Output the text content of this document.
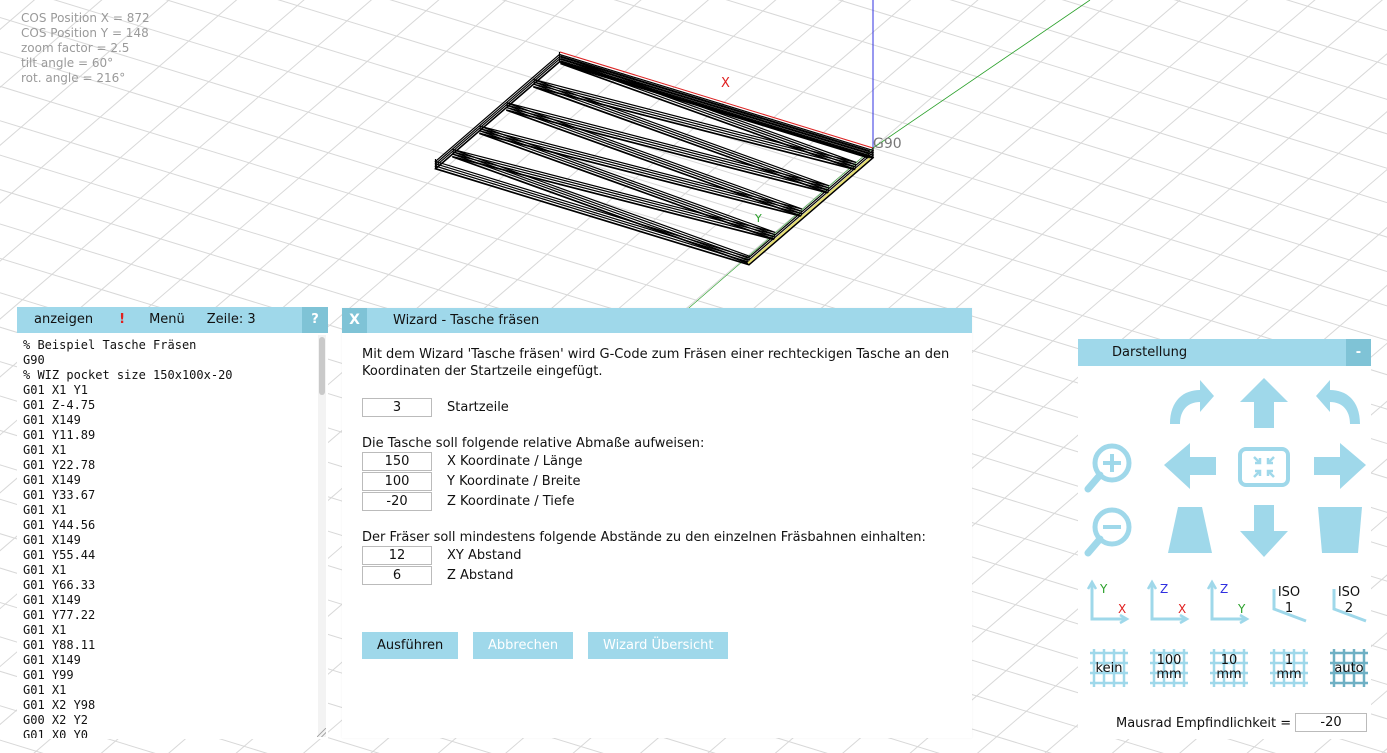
Y
COS Position X = 872
COS Position Y = 148
zoom factor = 2.5
tilt angle = 60°
rot. angle = 216°	X
G90
anzeigen	!	Menü	Zeile: 3	?
% Beispiel Tasche Fräsen
G90
% WIZ pocket size 150x100x-20
G01 X1 Y1
G01 Z-4.75
G01 X149
G01 Y11.89
G01 X1
G01 Y22.78
G01 X149
G01 Y33.67
G01 X1
G01 Y44.56
G01 X149
G01 Y55.44
G01 X1
G01 Y66.33
G01 X149
G01 Y77.22
G01 X1
G01 Y88.11
G01 X149
G01 Y99
G01 X1
G01 X2 Y98
G00 X2 Y2
G01 X0 Y0
X	Wizard - Tasche fräsen
Mit dem Wizard 'Tasche fräsen' wird G-Code zum Fräsen einer rechteckigen Tasche an den Koordinaten der Startzeile eingefügt.
3	Startzeile
Die Tasche soll folgende relative Abmaße aufweisen:
150	X Koordinate / Länge
100	Y Koordinate / Breite
-20	Z Koordinate / Tiefe
Der Fräser soll mindestens folgende Abstände zu den einzelnen Fräsbahnen einhalten:
12	XY Abstand
6	Z Abstand
Ausführen	Abbrechen	Wizard Übersicht
Darstellung	-
Mausrad Empfindlichkeit =	-20
Y
X
Z
X
Z
Y
ISO
1
ISO
2
kein
100
mm
10
mm
1
mm	auto
